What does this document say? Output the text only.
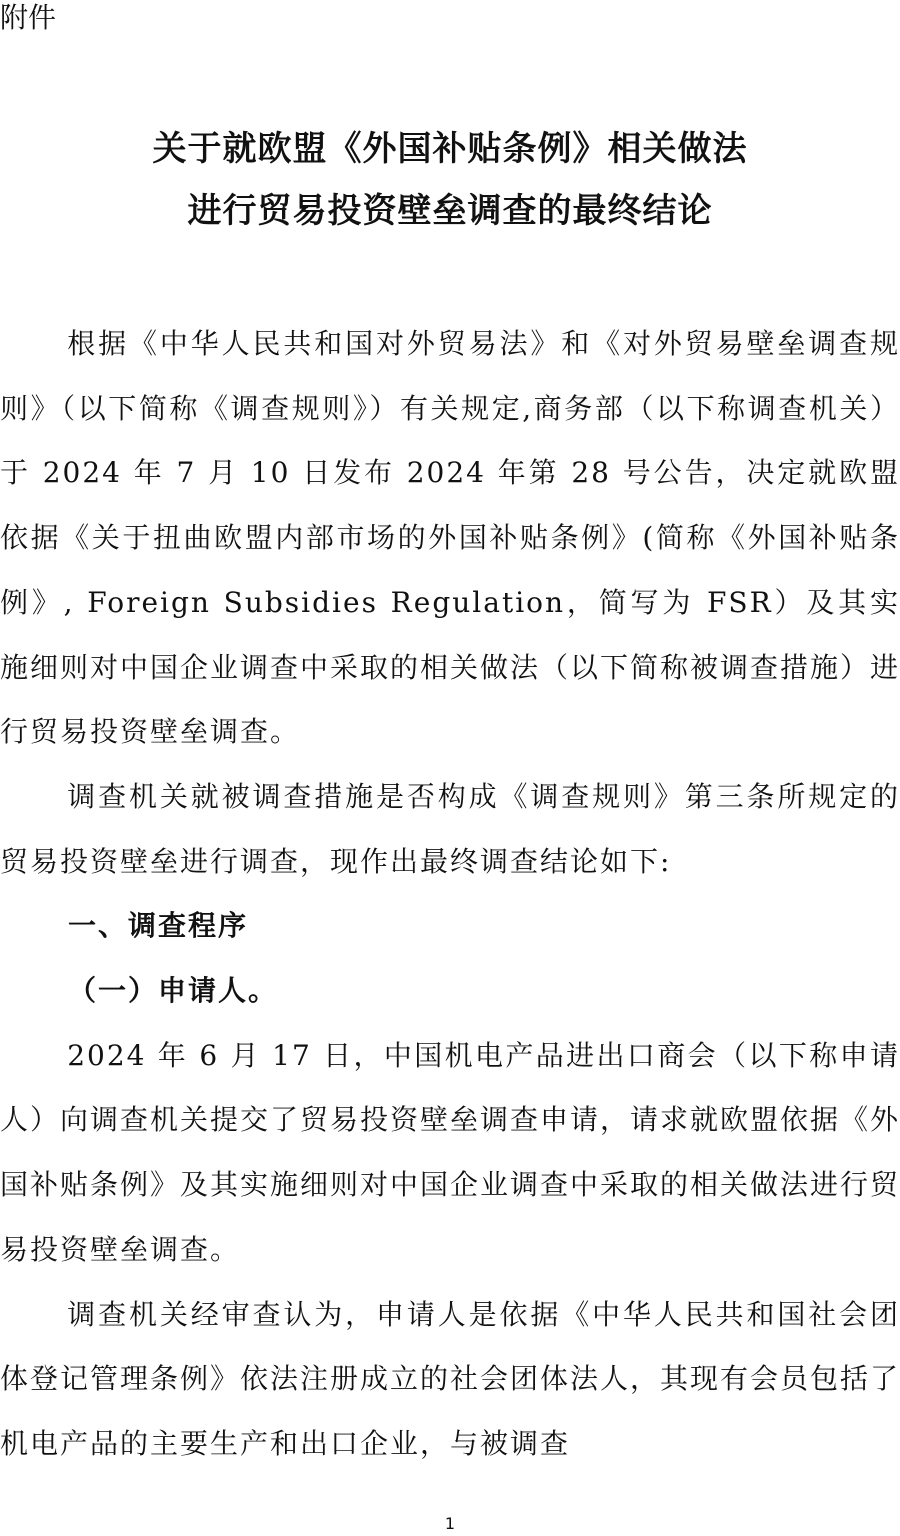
附件
关于就欧盟《外国补贴条例》相关做法
进行贸易投资壁垒调查的最终结论

根据《中华人民共和国对外贸易法》和《对外贸易壁垒调查规则》（以下简称《调查规则》）有关规定,商务部（以下称调查机关）于 2024 年 7 月 10 日发布 2024 年第 28 号公告，决定就欧盟依据《关于扭曲欧盟内部市场的外国补贴条例》(简称《外国补贴条例》, Foreign Subsidies Regulation，简写为 FSR）及其实施细则对中国企业调查中采取的相关做法（以下简称被调查措施）进行贸易投资壁垒调查。

调查机关就被调查措施是否构成《调查规则》第三条所规定的贸易投资壁垒进行调查，现作出最终调查结论如下:

一、调查程序
（一）申请人。

2024 年 6 月 17 日，中国机电产品进出口商会（以下称申请人）向调查机关提交了贸易投资壁垒调查申请，请求就欧盟依据《外国补贴条例》及其实施细则对中国企业调查中采取的相关做法进行贸易投资壁垒调查。

调查机关经审查认为，申请人是依据《中华人民共和国社会团体登记管理条例》依法注册成立的社会团体法人，其现有会员包括了机电产品的主要生产和出口企业，与被调查

1
